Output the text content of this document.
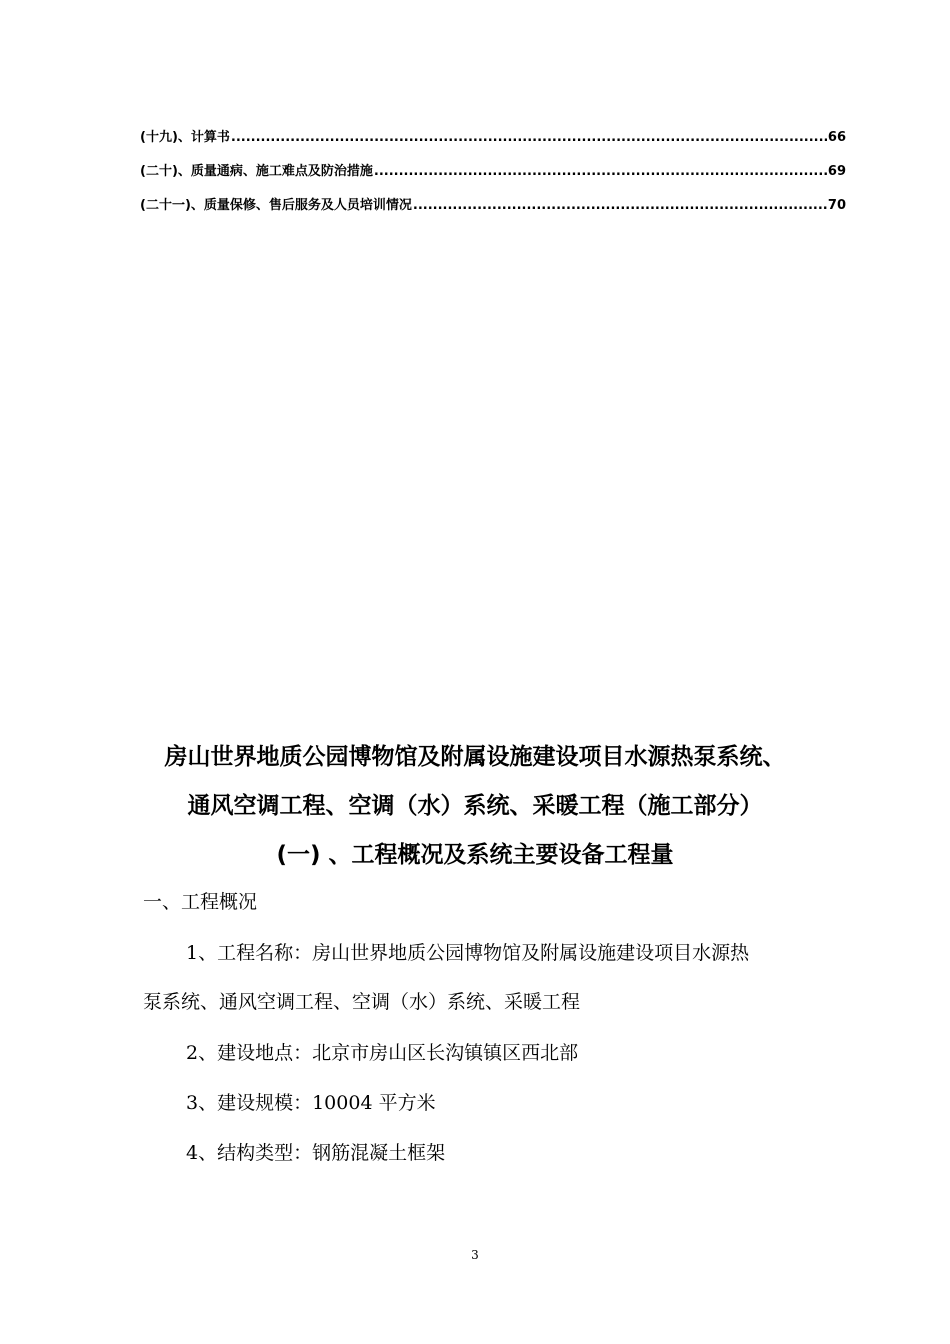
(十九) 、计算书 .....	66
(二十) 、质量通病、施工难点及防治措施 .....	69
(二十一) 、质量保修、售后服务及人员培训情况 .....	70
房山世界地质公园博物馆及附属设施建设项目水源热泵系统、
通风空调工程、空调（水）系统、采暖工程（施工部分）
(一) 、工程概况及系统主要设备工程量
一、工程概况
1、工程名称：房山世界地质公园博物馆及附属设施建设项目水源热
泵系统、通风空调工程、空调（水）系统、采暖工程
2、建设地点：北京市房山区长沟镇镇区西北部
3、建设规模：10004 平方米
4、结构类型：钢筋混凝土框架
3
